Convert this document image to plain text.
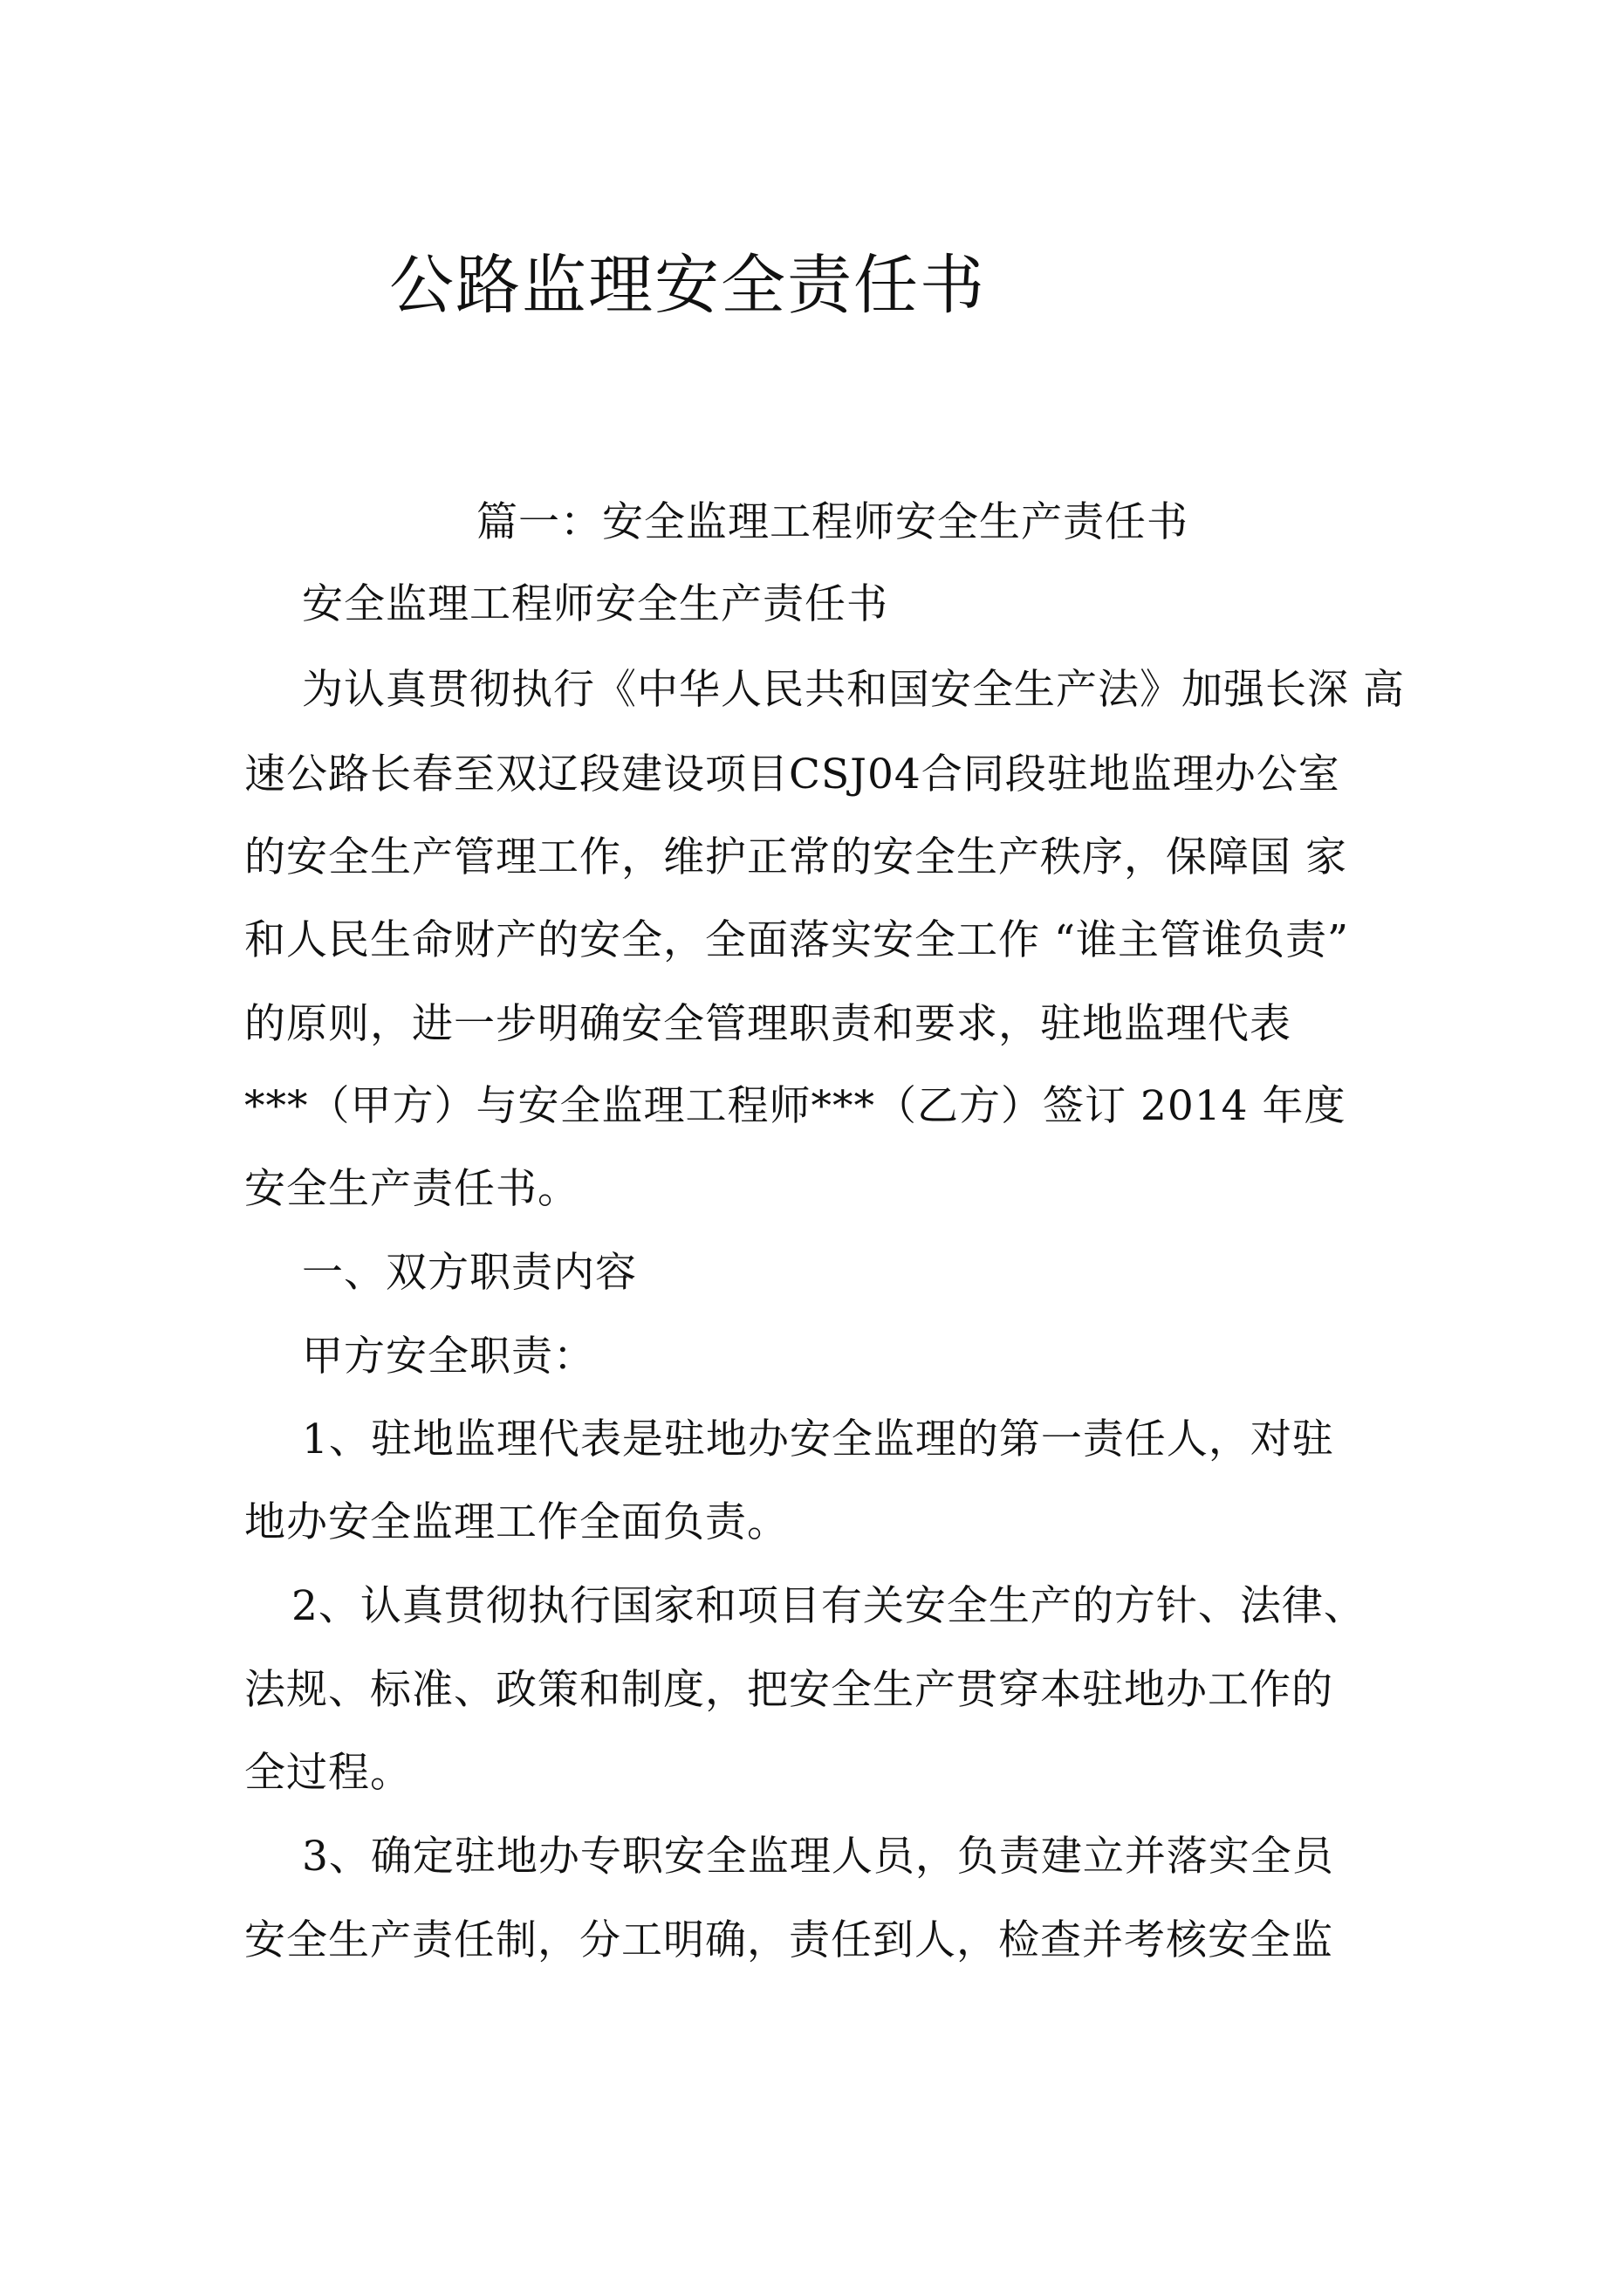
公路监理安全责任书
篇一：安全监理工程师安全生产责任书
安全监理工程师安全生产责任书
为认真贯彻执行《中华人民共和国安全生产法》加强长深 高
速公路长春至双辽段建设项目CSJ04合同段驻地监理办公室
的安全生产管理工作，维护正常的安全生产秩序，保障国 家
和人民生命财产的安全，全面落实安全工作 “谁主管谁负责”
的原则，进一步明确安全管理职责和要求，驻地监理代表
***（甲方）与安全监理工程师***（乙方）签订 2014 年度
安全生产责任书。
一、双方职责内容
甲方安全职责：
1、驻地监理代表是驻地办安全监理的第一责任人，对驻
地办安全监理工作全面负责。
2、认真贯彻执行国家和项目有关安全生产的方针、法律、
法规、标准、政策和制度，把安全生产贯穿本驻地办工作的
全过程。
3、确定驻地办专职安全监理人员，负责建立并落实全员
安全生产责任制，分工明确，责任到人，检查并考核安全监
